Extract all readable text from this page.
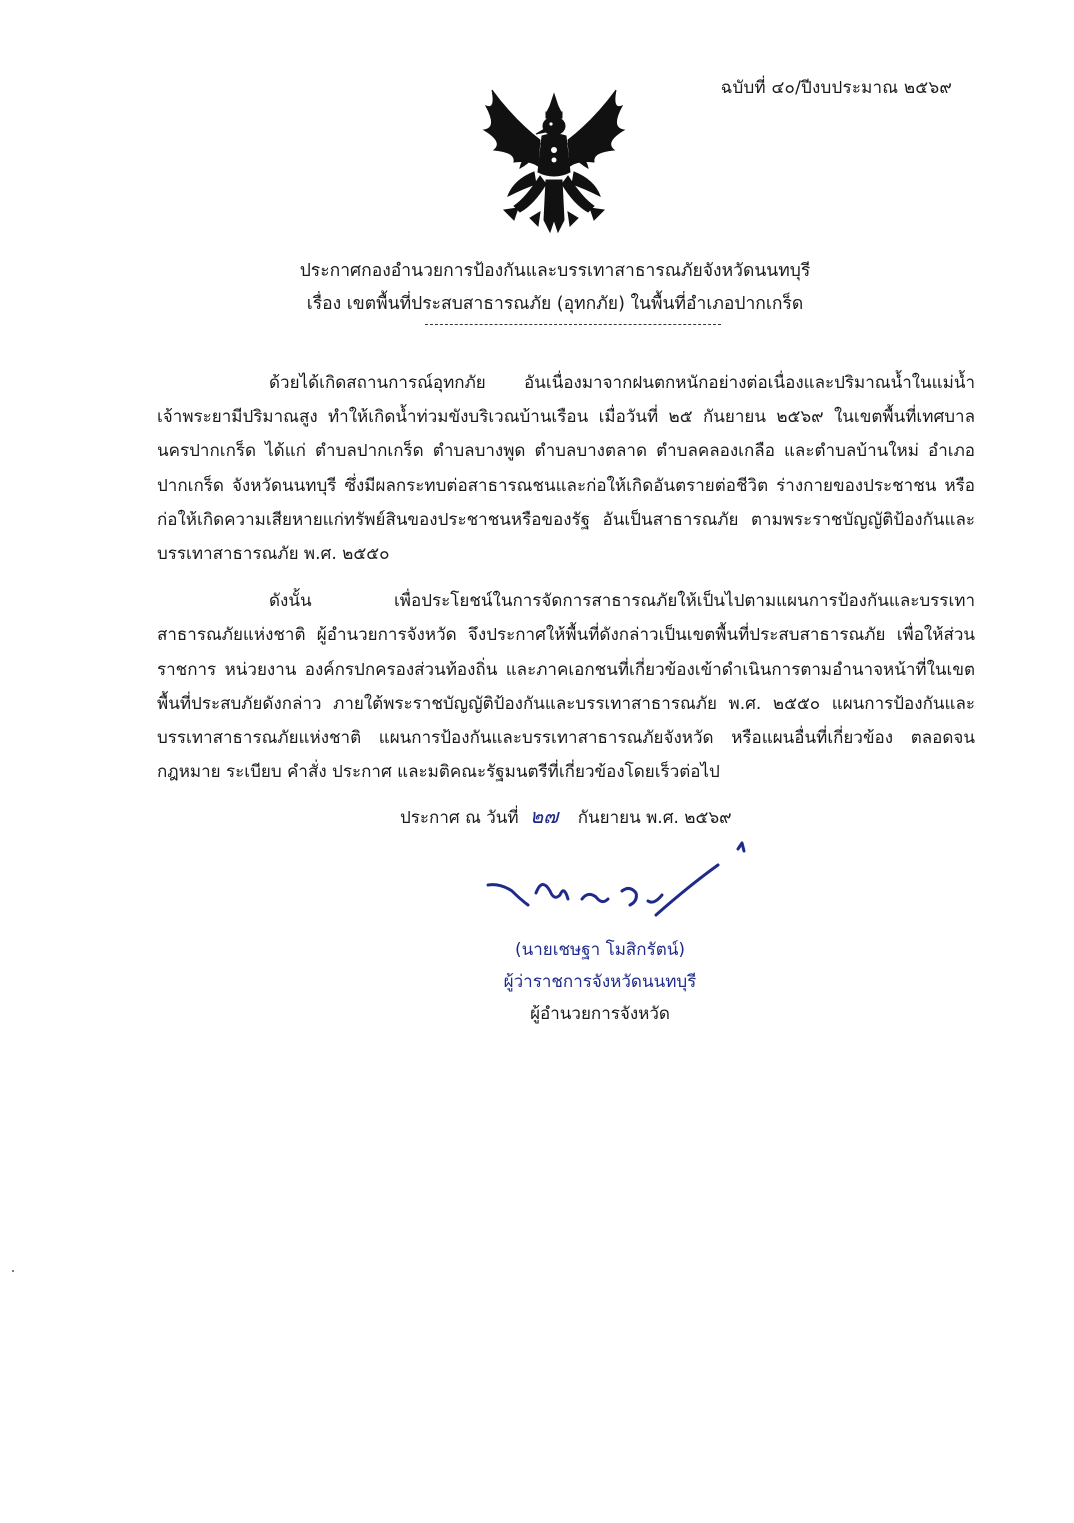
ฉบับที่ ๔๐/ปีงบประมาณ ๒๕๖๙
ประกาศกองอำนวยการป้องกันและบรรเทาสาธารณภัยจังหวัดนนทบุรี
เรื่อง เขตพื้นที่ประสบสาธารณภัย (อุทกภัย) ในพื้นที่อำเภอปากเกร็ด

ด้วยได้เกิดสถานการณ์อุทกภัย อันเนื่องมาจากฝนตกหนักอย่างต่อเนื่องและปริมาณน้ำในแม่น้ำเจ้าพระยามีปริมาณสูง ทำให้เกิดน้ำท่วมขังบริเวณบ้านเรือน เมื่อวันที่ ๒๕ กันยายน ๒๕๖๙ ในเขตพื้นที่เทศบาลนครปากเกร็ด ได้แก่ ตำบลปากเกร็ด ตำบลบางพูด ตำบลบางตลาด ตำบลคลองเกลือ และตำบลบ้านใหม่ อำเภอปากเกร็ด จังหวัดนนทบุรี ซึ่งมีผลกระทบต่อสาธารณชนและก่อให้เกิดอันตรายต่อชีวิต ร่างกายของประชาชน หรือก่อให้เกิดความเสียหายแก่ทรัพย์สินของประชาชนหรือของรัฐ อันเป็นสาธารณภัย ตามพระราชบัญญัติป้องกันและบรรเทาสาธารณภัย พ.ศ. ๒๕๕๐

ดังนั้น เพื่อประโยชน์ในการจัดการสาธารณภัยให้เป็นไปตามแผนการป้องกันและบรรเทาสาธารณภัยแห่งชาติ ผู้อำนวยการจังหวัด จึงประกาศให้พื้นที่ดังกล่าวเป็นเขตพื้นที่ประสบสาธารณภัย เพื่อให้ส่วนราชการ หน่วยงาน องค์กรปกครองส่วนท้องถิ่น และภาคเอกชนที่เกี่ยวข้องเข้าดำเนินการตามอำนาจหน้าที่ในเขตพื้นที่ประสบภัยดังกล่าว ภายใต้พระราชบัญญัติป้องกันและบรรเทาสาธารณภัย พ.ศ. ๒๕๕๐ แผนการป้องกันและบรรเทาสาธารณภัยแห่งชาติ แผนการป้องกันและบรรเทาสาธารณภัยจังหวัด หรือแผนอื่นที่เกี่ยวข้อง ตลอดจนกฎหมาย ระเบียบ คำสั่ง ประกาศ และมติคณะรัฐมนตรีที่เกี่ยวข้องโดยเร็วต่อไป

ประกาศ ณ วันที่ ๒๗ กันยายน พ.ศ. ๒๕๖๙
(นายเชษฐา โมสิกรัตน์)
ผู้ว่าราชการจังหวัดนนทบุรี
ผู้อำนวยการจังหวัด
